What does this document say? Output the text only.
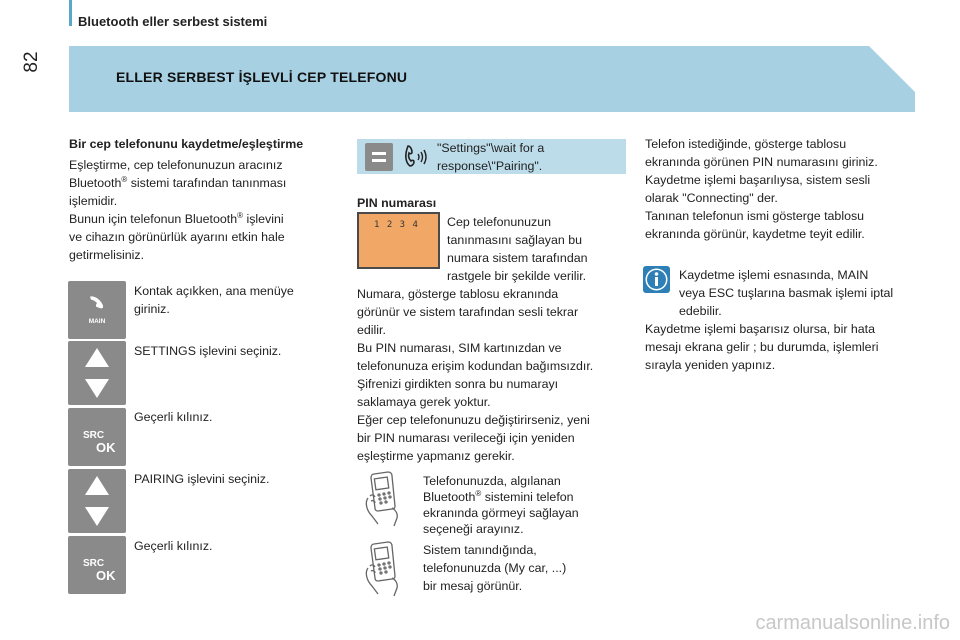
Bluetooth eller serbest sistemi
82
ELLER SERBEST İŞLEVLİ CEP TELEFONU
Bir cep telefonunu kaydetme/eşleştirme
Eşleştirme, cep telefonunuzun aracınız
Bluetooth® sistemi tarafından tanınması
işlemidir.
Bunun için telefonun Bluetooth® işlevini
ve cihazın görünürlük ayarını etkin hale
getirmelisiniz.
MAIN
Kontak açıkken, ana menüye
giriniz.
SETTINGS işlevini seçiniz.
SRC
OK
Geçerli kılınız.
PAIRING işlevini seçiniz.
SRC
OK
Geçerli kılınız.
"Settings"\wait for a
response\"Pairing".
PIN numarası
1 2 3 4 Cep telefonunuzun
tanınmasını sağlayan bu
numara sistem tarafından
rastgele bir şekilde verilir.
Numara, gösterge tablosu ekranında
görünür ve sistem tarafından sesli tekrar
edilir.
Bu PIN numarası, SIM kartınızdan ve
telefonunuza erişim kodundan bağımsızdır.
Şifrenizi girdikten sonra bu numarayı
saklamaya gerek yoktur.
Eğer cep telefonunuzu değiştirirseniz, yeni
bir PIN numarası verileceği için yeniden
eşleştirme yapmanız gerekir.
Telefonunuzda, algılanan
Bluetooth® sistemini telefon
ekranında görmeyi sağlayan
seçeneği arayınız.
Sistem tanındığında,
telefonunuzda (My car, ...)
bir mesaj görünür.
Telefon istediğinde, gösterge tablosu
ekranında görünen PIN numarasını giriniz.
Kaydetme işlemi başarılıysa, sistem sesli
olarak "Connecting" der.
Tanınan telefonun ismi gösterge tablosu
ekranında görünür, kaydetme teyit edilir.
Kaydetme işlemi esnasında, MAIN
veya ESC tuşlarına basmak işlemi iptal
edebilir.
Kaydetme işlemi başarısız olursa, bir hata
mesajı ekrana gelir ; bu durumda, işlemleri
sırayla yeniden yapınız.
carmanualsonline.info
